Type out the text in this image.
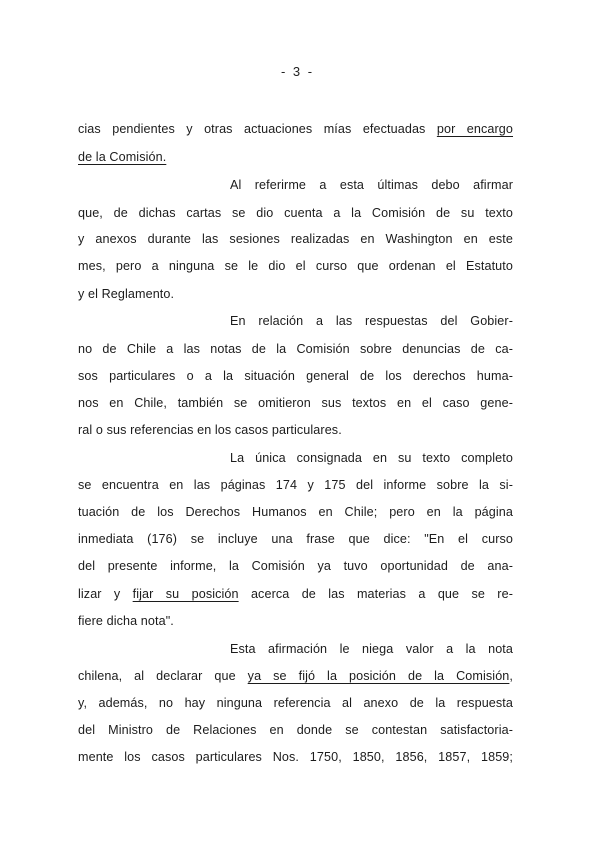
- 3 -
cias pendientes y otras actuaciones mías efectuadas por encargo
de la Comisión.
Al referirme a esta últimas debo afirmar
que, de dichas cartas se dio cuenta a la Comisión de su texto
y anexos durante las sesiones realizadas en Washington en este
mes, pero a ninguna se le dio el curso que ordenan el Estatuto
y el Reglamento.
En relación a las respuestas del Gobier-
no de Chile a las notas de la Comisión sobre denuncias de ca-
sos particulares o a la situación general de los derechos huma-
nos en Chile, también se omitieron sus textos en el caso gene-
ral o sus referencias en los casos particulares.
La única consignada en su texto completo
se encuentra en las páginas 174 y 175 del informe sobre la si-
tuación de los Derechos Humanos en Chile; pero en la página
inmediata (176) se incluye una frase que dice: "En el curso
del presente informe, la Comisión ya tuvo oportunidad de ana-
lizar y fijar su posición acerca de las materias a que se re-
fiere dicha nota".
Esta afirmación le niega valor a la nota
chilena, al declarar que ya se fijó la posición de la Comisión,
y, además, no hay ninguna referencia al anexo de la respuesta
del Ministro de Relaciones en donde se contestan satisfactoria-
mente los casos particulares Nos. 1750, 1850, 1856, 1857, 1859;
